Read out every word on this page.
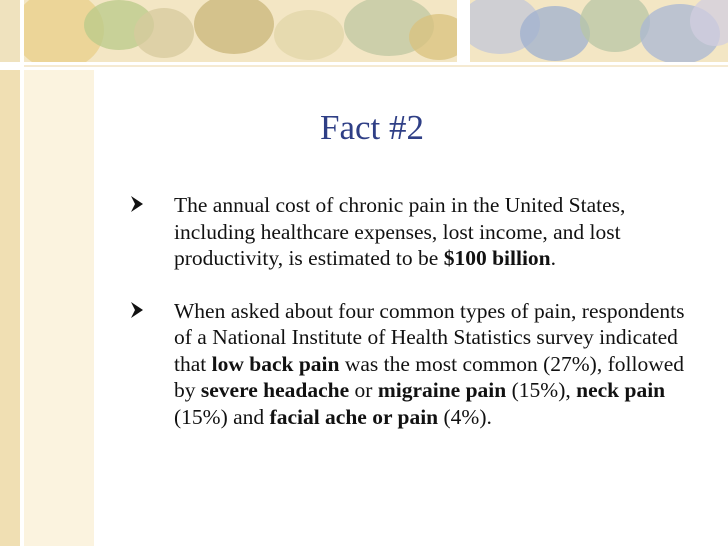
Fact #2
The annual cost of chronic pain in the United States, including healthcare expenses, lost income, and lost productivity, is estimated to be $100 billion.
When asked about four common types of pain, respondents of a National Institute of Health Statistics survey indicated that low back pain was the most common (27%), followed by severe headache or migraine pain (15%), neck pain (15%) and facial ache or pain (4%).
